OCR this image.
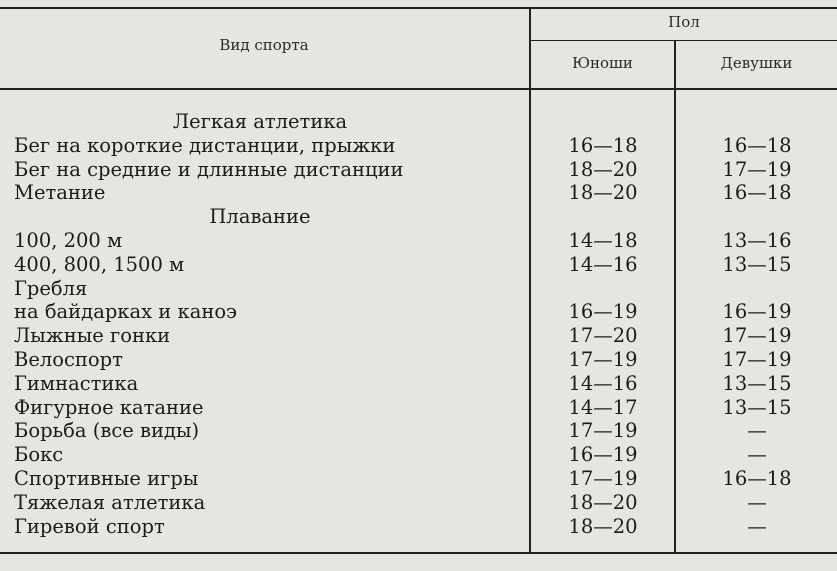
Вид спорта
Пол
Юноши	Девушки
Легкая атлетика
Бег на короткие дистанции, прыжки	16—18	16—18
Бег на средние и длинные дистанции	18—20	17—19
Метание	18—20	16—18
Плавание
100, 200 м	14—18	13—16
400, 800, 1500 м	14—16	13—15
Гребля
на байдарках и каноэ	16—19	16—19
Лыжные гонки	17—20	17—19
Велоспорт	17—19	17—19
Гимнастика	14—16	13—15
Фигурное катание	14—17	13—15
Борьба (все виды)	17—19	—
Бокс	16—19	—
Спортивные игры	17—19	16—18
Тяжелая атлетика	18—20	—
Гиревой спорт	18—20	—
